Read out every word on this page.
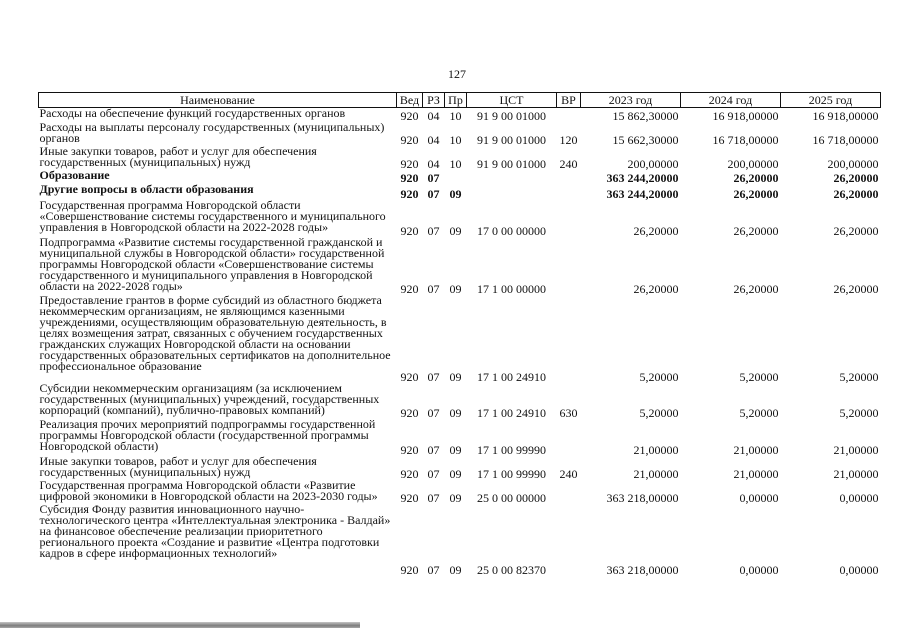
127
Наименование	Вед	РЗ	Пр	ЦСТ	ВР	2023 год	2024 год	2025 год
Расходы на обеспечение функций государственных органов	920	04	10	91 9 00 01000		15 862,30000	16 918,00000	16 918,00000
Расходы на выплаты персоналу государственных (муниципальных) органов	920	04	10	91 9 00 01000	120	15 662,30000	16 718,00000	16 718,00000
Иные закупки товаров, работ и услуг для обеспечения государственных (муниципальных) нужд	920	04	10	91 9 00 01000	240	200,00000	200,00000	200,00000
Образование	920	07				363 244,20000	26,20000	26,20000
Другие вопросы в области образования	920	07	09			363 244,20000	26,20000	26,20000
Государственная программа Новгородской области «Совершенствование системы государственного и муниципального управления в Новгородской области на 2022-2028 годы»	920	07	09	17 0 00 00000		26,20000	26,20000	26,20000
Подпрограмма «Развитие системы государственной гражданской и муниципальной службы в Новгородской области» государственной программы Новгородской области «Совершенствование системы государственного и муниципального управления в Новгородской области на 2022-2028 годы»	920	07	09	17 1 00 00000		26,20000	26,20000	26,20000
Предоставление грантов в форме субсидий из областного бюджета некоммерческим организациям, не являющимся казенными учреждениями, осуществляющим образовательную деятельность, в целях возмещения затрат, связанных с обучением государственных гражданских служащих Новгородской области на основании государственных образовательных сертификатов на дополнительное профессиональное образование	920	07	09	17 1 00 24910		5,20000	5,20000	5,20000
Субсидии некоммерческим организациям (за исключением государственных (муниципальных) учреждений, государственных корпораций (компаний), публично-правовых компаний)	920	07	09	17 1 00 24910	630	5,20000	5,20000	5,20000
Реализация прочих мероприятий подпрограммы государственной программы Новгородской области (государственной программы Новгородской области)	920	07	09	17 1 00 99990		21,00000	21,00000	21,00000
Иные закупки товаров, работ и услуг для обеспечения государственных (муниципальных) нужд	920	07	09	17 1 00 99990	240	21,00000	21,00000	21,00000
Государственная программа Новгородской области «Развитие цифровой экономики в Новгородской области на 2023-2030 годы»	920	07	09	25 0 00 00000		363 218,00000	0,00000	0,00000
Субсидия Фонду развития инновационного научно-технологического центра «Интеллектуальная электроника - Валдай» на финансовое обеспечение реализации приоритетного регионального проекта «Создание и развитие «Центра подготовки кадров в сфере информационных технологий»	920	07	09	25 0 00 82370		363 218,00000	0,00000	0,00000
